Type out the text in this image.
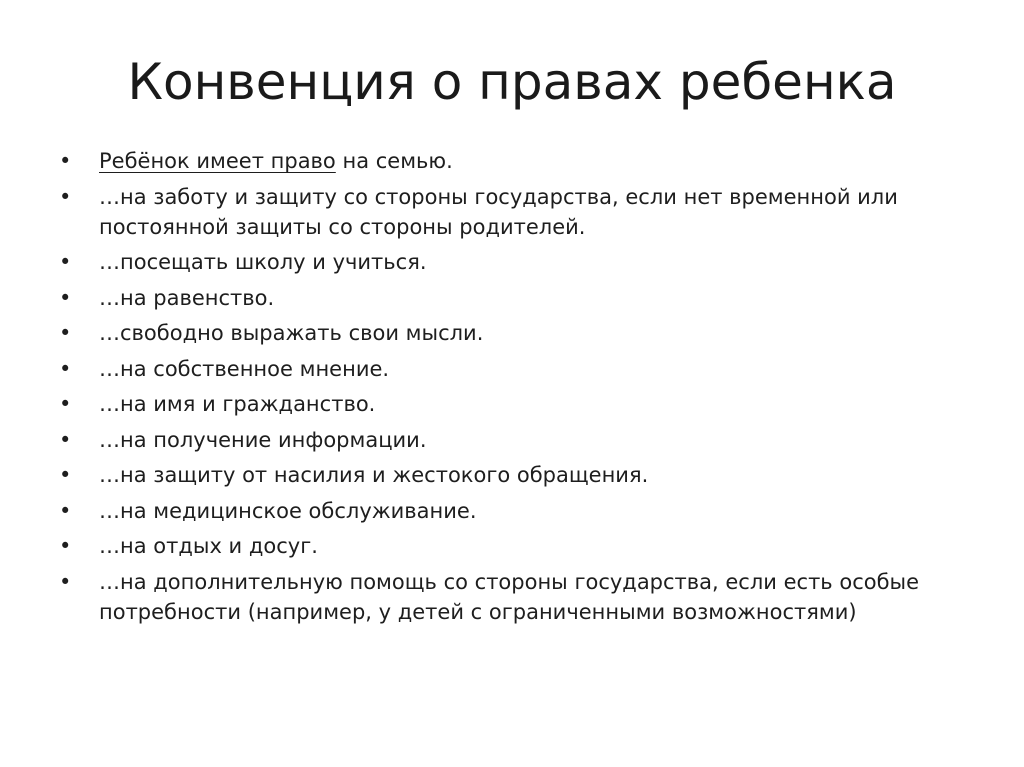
Конвенция о правах ребенка
•	Ребёнок имеет право на семью.
•	…на заботу и защиту со стороны государства, если нет временной или постоянной защиты со стороны родителей.
•	…посещать школу и учиться.
•	…на равенство.
•	…свободно выражать свои мысли.
•	…на собственное мнение.
•	…на имя и гражданство.
•	…на получение информации.
•	…на защиту от насилия и жестокого обращения.
•	…на медицинское обслуживание.
•	…на отдых и досуг.
•	…на дополнительную помощь со стороны государства, если есть особые потребности (например, у детей с ограниченными возможностями)
